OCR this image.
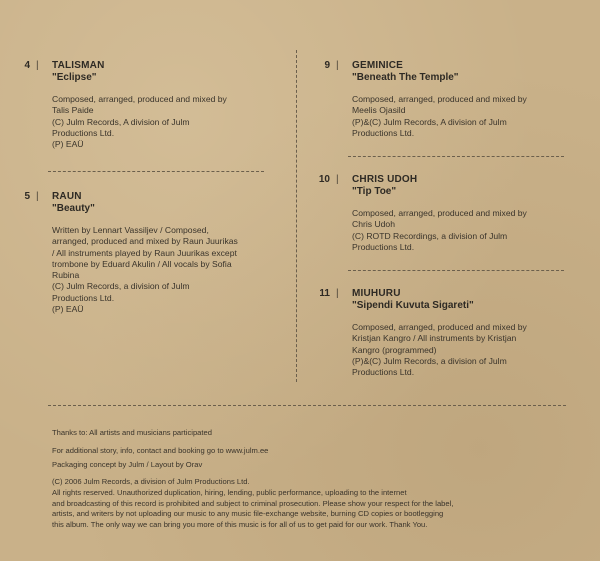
4 | TALISMAN
"Eclipse"
Composed, arranged, produced and mixed by
Talis Paide
(C) Julm Records, A division of Julm
Productions Ltd.
(P) EAÜ
5 | RAUN
"Beauty"
Written by Lennart Vassiljev / Composed,
arranged, produced and mixed by Raun Juurikas
/ All instruments played by Raun Juurikas except
trombone by Eduard Akulin / All vocals by Sofia
Rubina
(C) Julm Records, a division of Julm
Productions Ltd.
(P) EAÜ
9 | GEMINICE
"Beneath The Temple"
Composed, arranged, produced and mixed by
Meelis Ojasild
(P)&(C) Julm Records, A division of Julm
Productions Ltd.
10 | CHRIS UDOH
"Tip Toe"
Composed, arranged, produced and mixed by
Chris Udoh
(C) ROTD Recordings, a division of Julm
Productions Ltd.
11 | MIUHURU
"Sipendi Kuvuta Sigareti"
Composed, arranged, produced and mixed by
Kristjan Kangro / All instruments by Kristjan
Kangro (programmed)
(P)&(C) Julm Records, a division of Julm
Productions Ltd.
Thanks to: All artists and musicians participated
For additional story, info, contact and booking go to www.julm.ee
Packaging concept by Julm / Layout by Orav
(C) 2006 Julm Records, a division of Julm Productions Ltd.
All rights reserved. Unauthorized duplication, hiring, lending, public performance, uploading to the internet
and broadcasting of this record is prohibited and subject to criminal prosecution. Please show your respect for the label,
artists, and writers by not uploading our music to any music file-exchange website, burning CD copies or bootlegging
this album. The only way we can bring you more of this music is for all of us to get paid for our work. Thank You.
